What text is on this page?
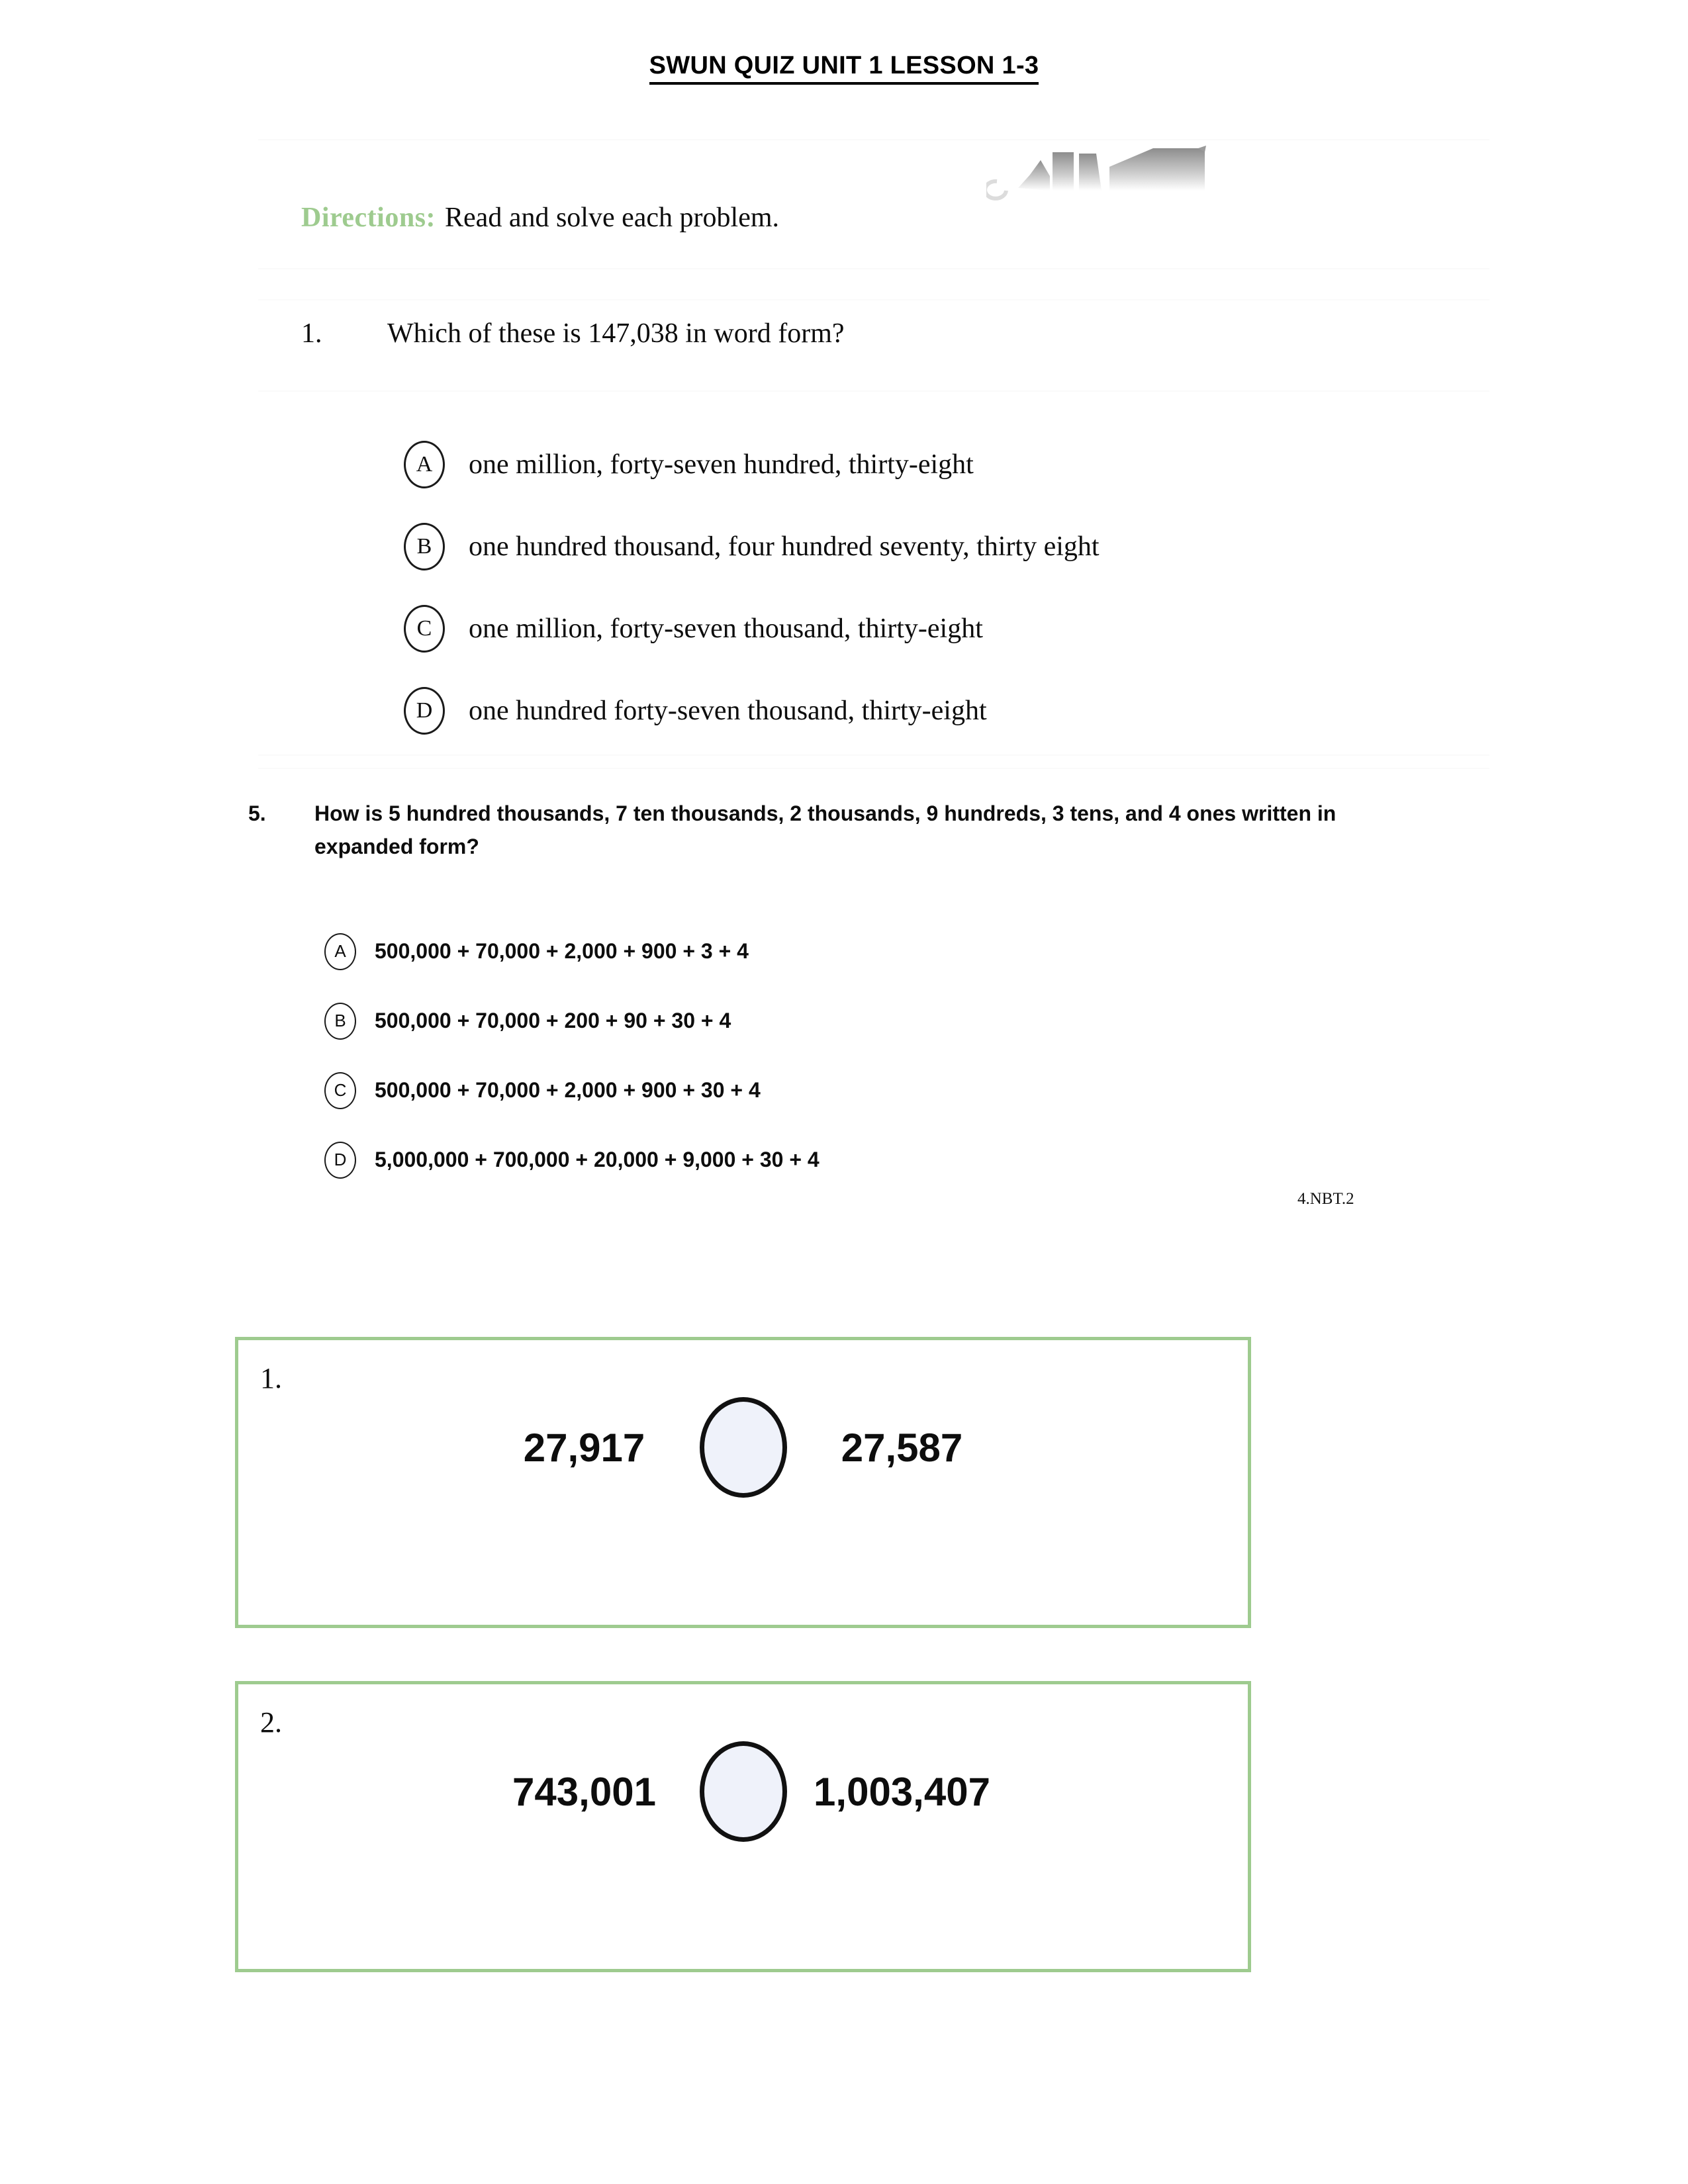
SWUN QUIZ UNIT 1 LESSON 1-3
Directions: Read and solve each problem.
1.	Which of these is 147,038 in word form?
A	one million, forty-seven hundred, thirty-eight
B	one hundred thousand, four hundred seventy, thirty eight
C	one million, forty-seven thousand, thirty-eight
D	one hundred forty-seven thousand, thirty-eight
5.	How is 5 hundred thousands, 7 ten thousands, 2 thousands, 9 hundreds, 3 tens, and 4 ones written in expanded form?
A	500,000 + 70,000 + 2,000 + 900 + 3 + 4
B	500,000 + 70,000 + 200 + 90 + 30 + 4
C	500,000 + 70,000 + 2,000 + 900 + 30 + 4
D	5,000,000 + 700,000 + 20,000 + 9,000 + 30 + 4
4.NBT.2
1.
27,917	27,587
2.
743,001	1,003,407
